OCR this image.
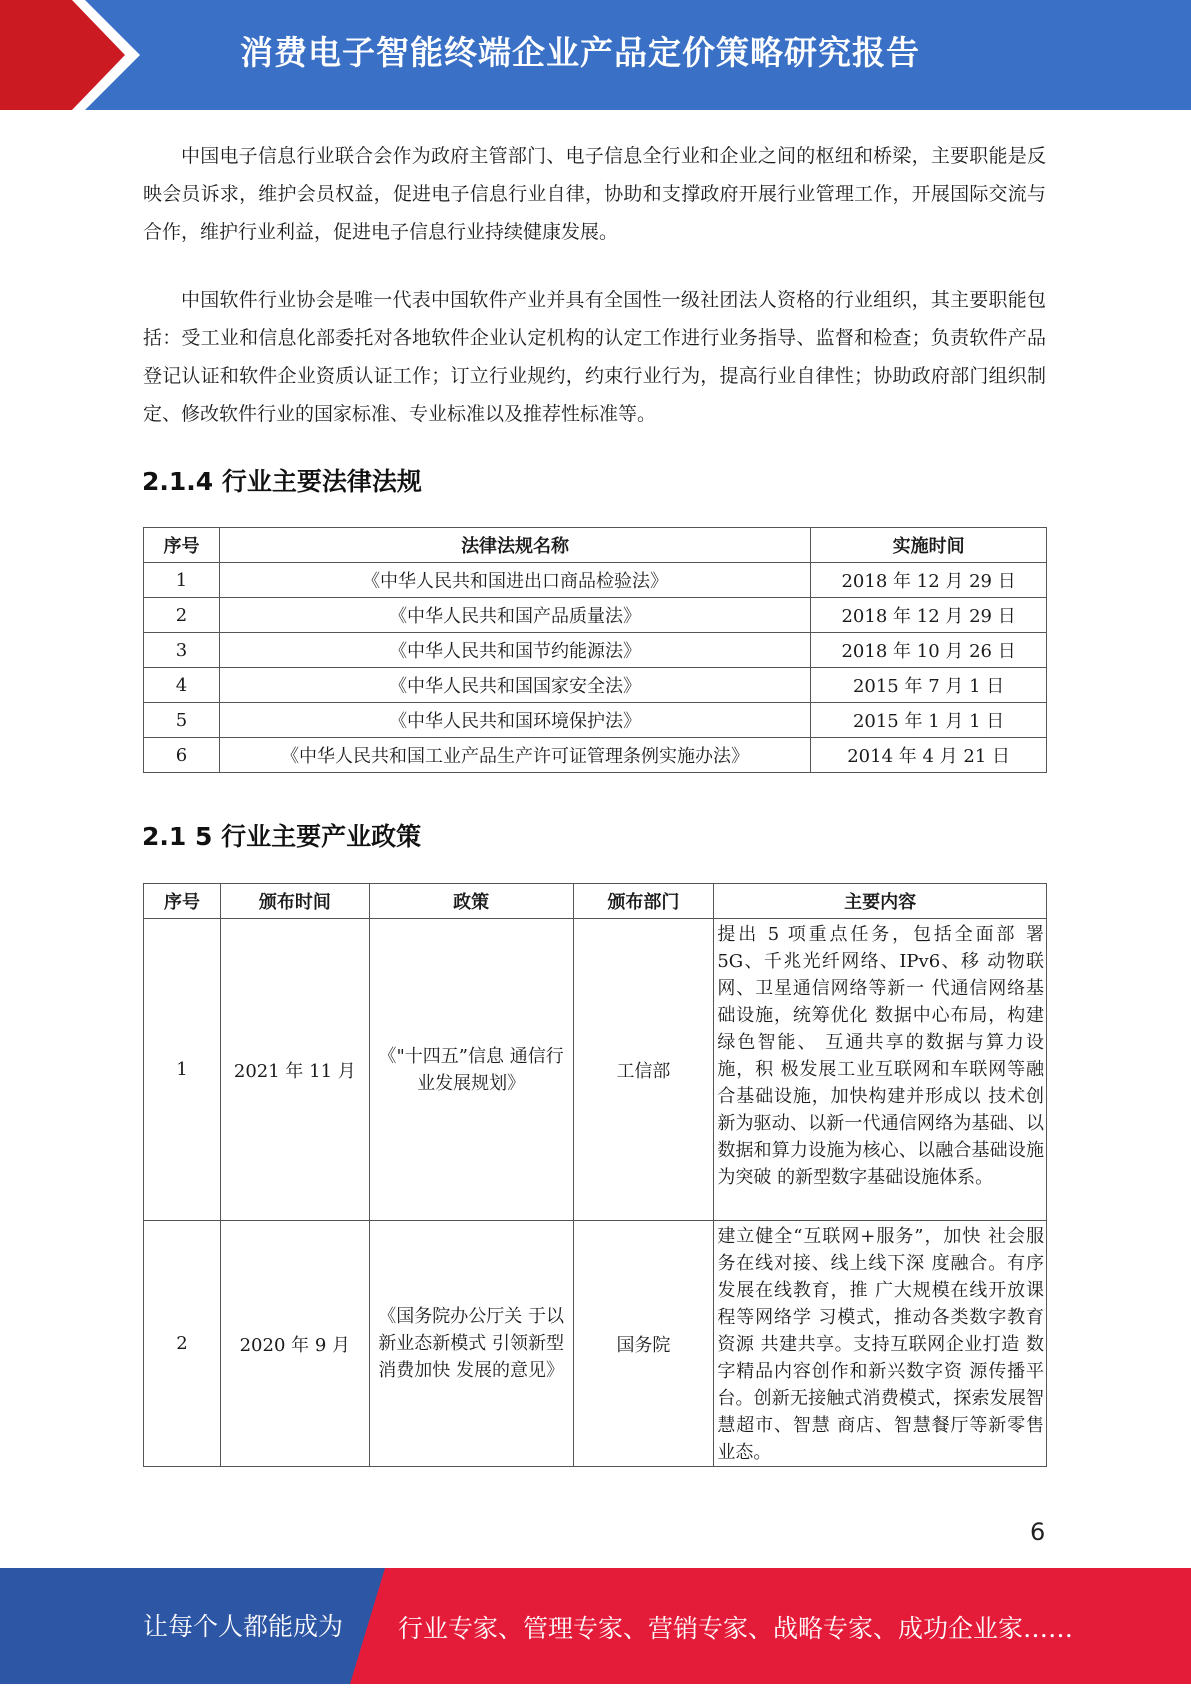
消费电子智能终端企业产品定价策略研究报告
中国电子信息行业联合会作为政府主管部门、电子信息全行业和企业之间的枢纽和桥梁，主要职能是反映会员诉求，维护会员权益，促进电子信息行业自律，协助和支撑政府开展行业管理工作，开展国际交流与合作，维护行业利益，促进电子信息行业持续健康发展。
中国软件行业协会是唯一代表中国软件产业并具有全国性一级社团法人资格的行业组织，其主要职能包括：受工业和信息化部委托对各地软件企业认定机构的认定工作进行业务指导、监督和检查；负责软件产品登记认证和软件企业资质认证工作；订立行业规约，约束行业行为，提高行业自律性；协助政府部门组织制定、修改软件行业的国家标准、专业标准以及推荐性标准等。
2.1.4 行业主要法律法规
序号	法律法规名称	实施时间
1	《中华人民共和国进出口商品检验法》	2018 年 12 月 29 日
2	《中华人民共和国产品质量法》	2018 年 12 月 29 日
3	《中华人民共和国节约能源法》	2018 年 10 月 26 日
4	《中华人民共和国国家安全法》	2015 年 7 月 1 日
5	《中华人民共和国环境保护法》	2015 年 1 月 1 日
6	《中华人民共和国工业产品生产许可证管理条例实施办法》	2014 年 4 月 21 日
2.1 5 行业主要产业政策
序号	颁布时间	政策	颁布部门	主要内容
1	2021 年 11 月	《"十四五”信息 通信行业发展规划》	工信部	提出 5 项重点任务，包括全面部 署 5G、千兆光纤网络、IPv6、移 动物联网、卫星通信网络等新一 代通信网络基础设施，统筹优化 数据中心布局，构建绿色智能、 互通共享的数据与算力设施，积 极发展工业互联网和车联网等融 合基础设施，加快构建并形成以 技术创新为驱动、以新一代通信网络为基础、以数据和算力设施为核心、以融合基础设施为突破 的新型数字基础设施体系。
2	2020 年 9 月	《国务院办公厅关 于以新业态新模式 引领新型消费加快 发展的意见》	国务院	建立健全“互联网+服务”，加快 社会服务在线对接、线上线下深 度融合。有序发展在线教育，推 广大规模在线开放课程等网络学 习模式，推动各类数字教育资源 共建共享。支持互联网企业打造 数字精品内容创作和新兴数字资 源传播平台。创新无接触式消费模式，探索发展智慧超市、智慧 商店、智慧餐厅等新零售业态。
6
让每个人都能成为 行业专家、管理专家、营销专家、战略专家、成功企业家……
